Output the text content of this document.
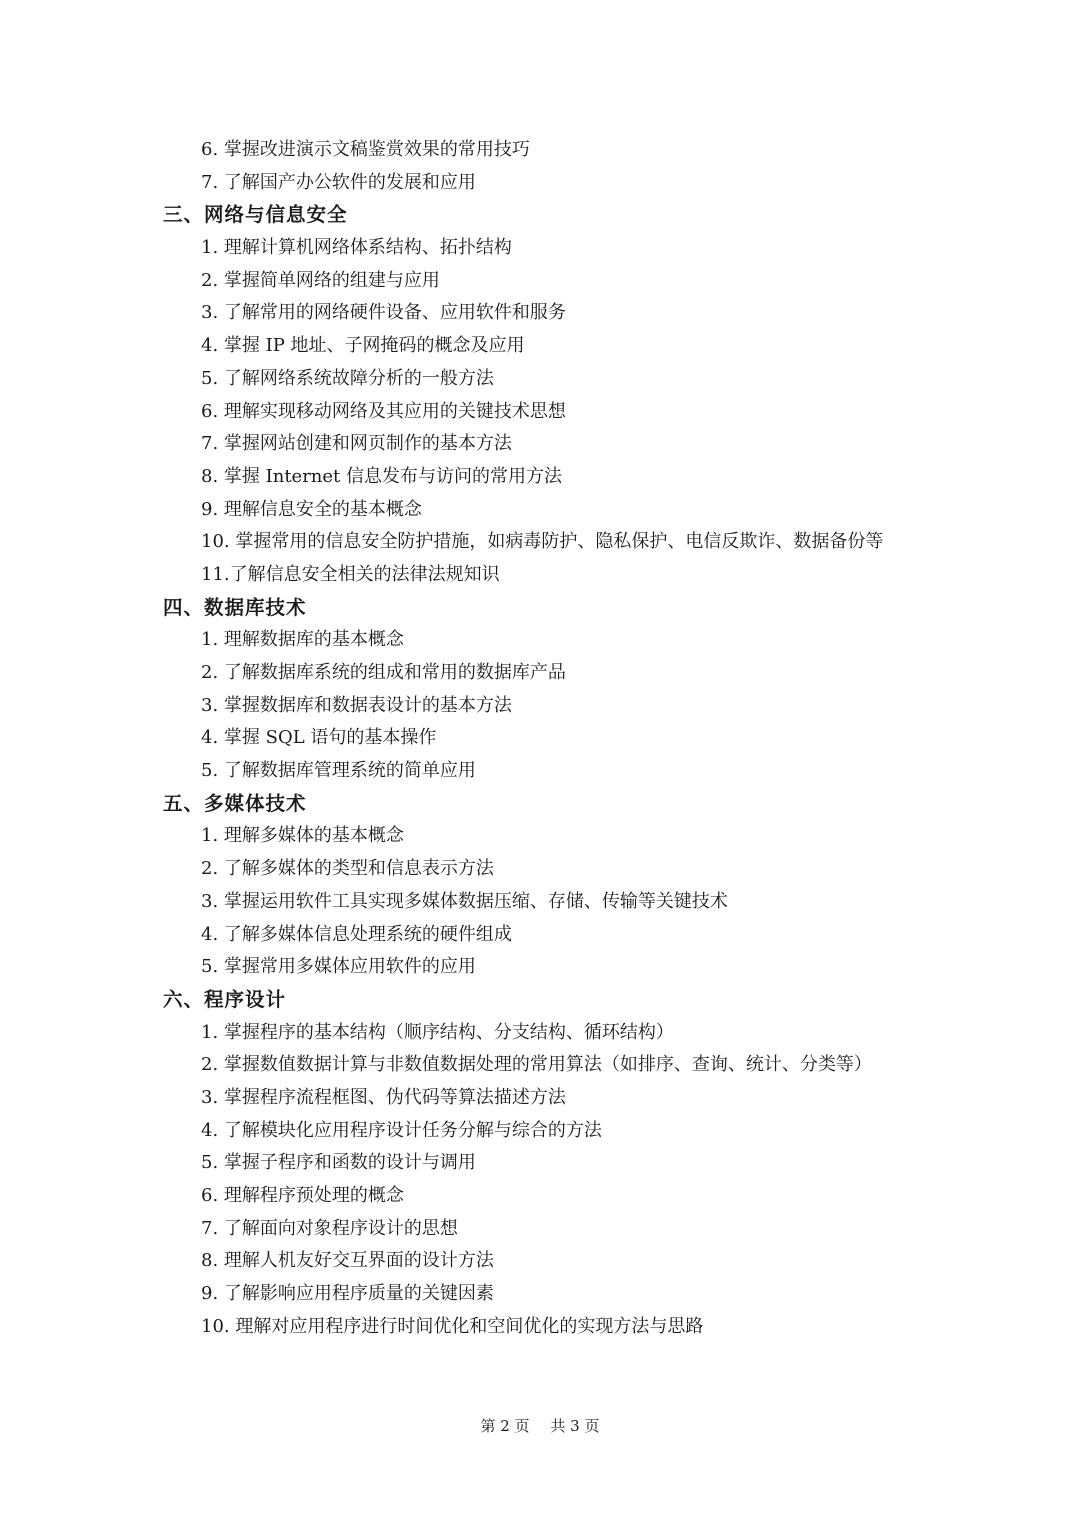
6. 掌握改进演示文稿鉴赏效果的常用技巧
7. 了解国产办公软件的发展和应用
三、网络与信息安全
1. 理解计算机网络体系结构、拓扑结构
2. 掌握简单网络的组建与应用
3. 了解常用的网络硬件设备、应用软件和服务
4. 掌握 IP 地址、子网掩码的概念及应用
5. 了解网络系统故障分析的一般方法
6. 理解实现移动网络及其应用的关键技术思想
7. 掌握网站创建和网页制作的基本方法
8. 掌握 Internet 信息发布与访问的常用方法
9. 理解信息安全的基本概念
10. 掌握常用的信息安全防护措施，如病毒防护、隐私保护、电信反欺诈、数据备份等
11.了解信息安全相关的法律法规知识
四、数据库技术
1. 理解数据库的基本概念
2. 了解数据库系统的组成和常用的数据库产品
3. 掌握数据库和数据表设计的基本方法
4. 掌握 SQL 语句的基本操作
5. 了解数据库管理系统的简单应用
五、多媒体技术
1. 理解多媒体的基本概念
2. 了解多媒体的类型和信息表示方法
3. 掌握运用软件工具实现多媒体数据压缩、存储、传输等关键技术
4. 了解多媒体信息处理系统的硬件组成
5. 掌握常用多媒体应用软件的应用
六、程序设计
1. 掌握程序的基本结构（顺序结构、分支结构、循环结构）
2. 掌握数值数据计算与非数值数据处理的常用算法（如排序、查询、统计、分类等）
3. 掌握程序流程框图、伪代码等算法描述方法
4. 了解模块化应用程序设计任务分解与综合的方法
5. 掌握子程序和函数的设计与调用
6. 理解程序预处理的概念
7. 了解面向对象程序设计的思想
8. 理解人机友好交互界面的设计方法
9. 了解影响应用程序质量的关键因素
10. 理解对应用程序进行时间优化和空间优化的实现方法与思路
第 2 页 共 3 页
